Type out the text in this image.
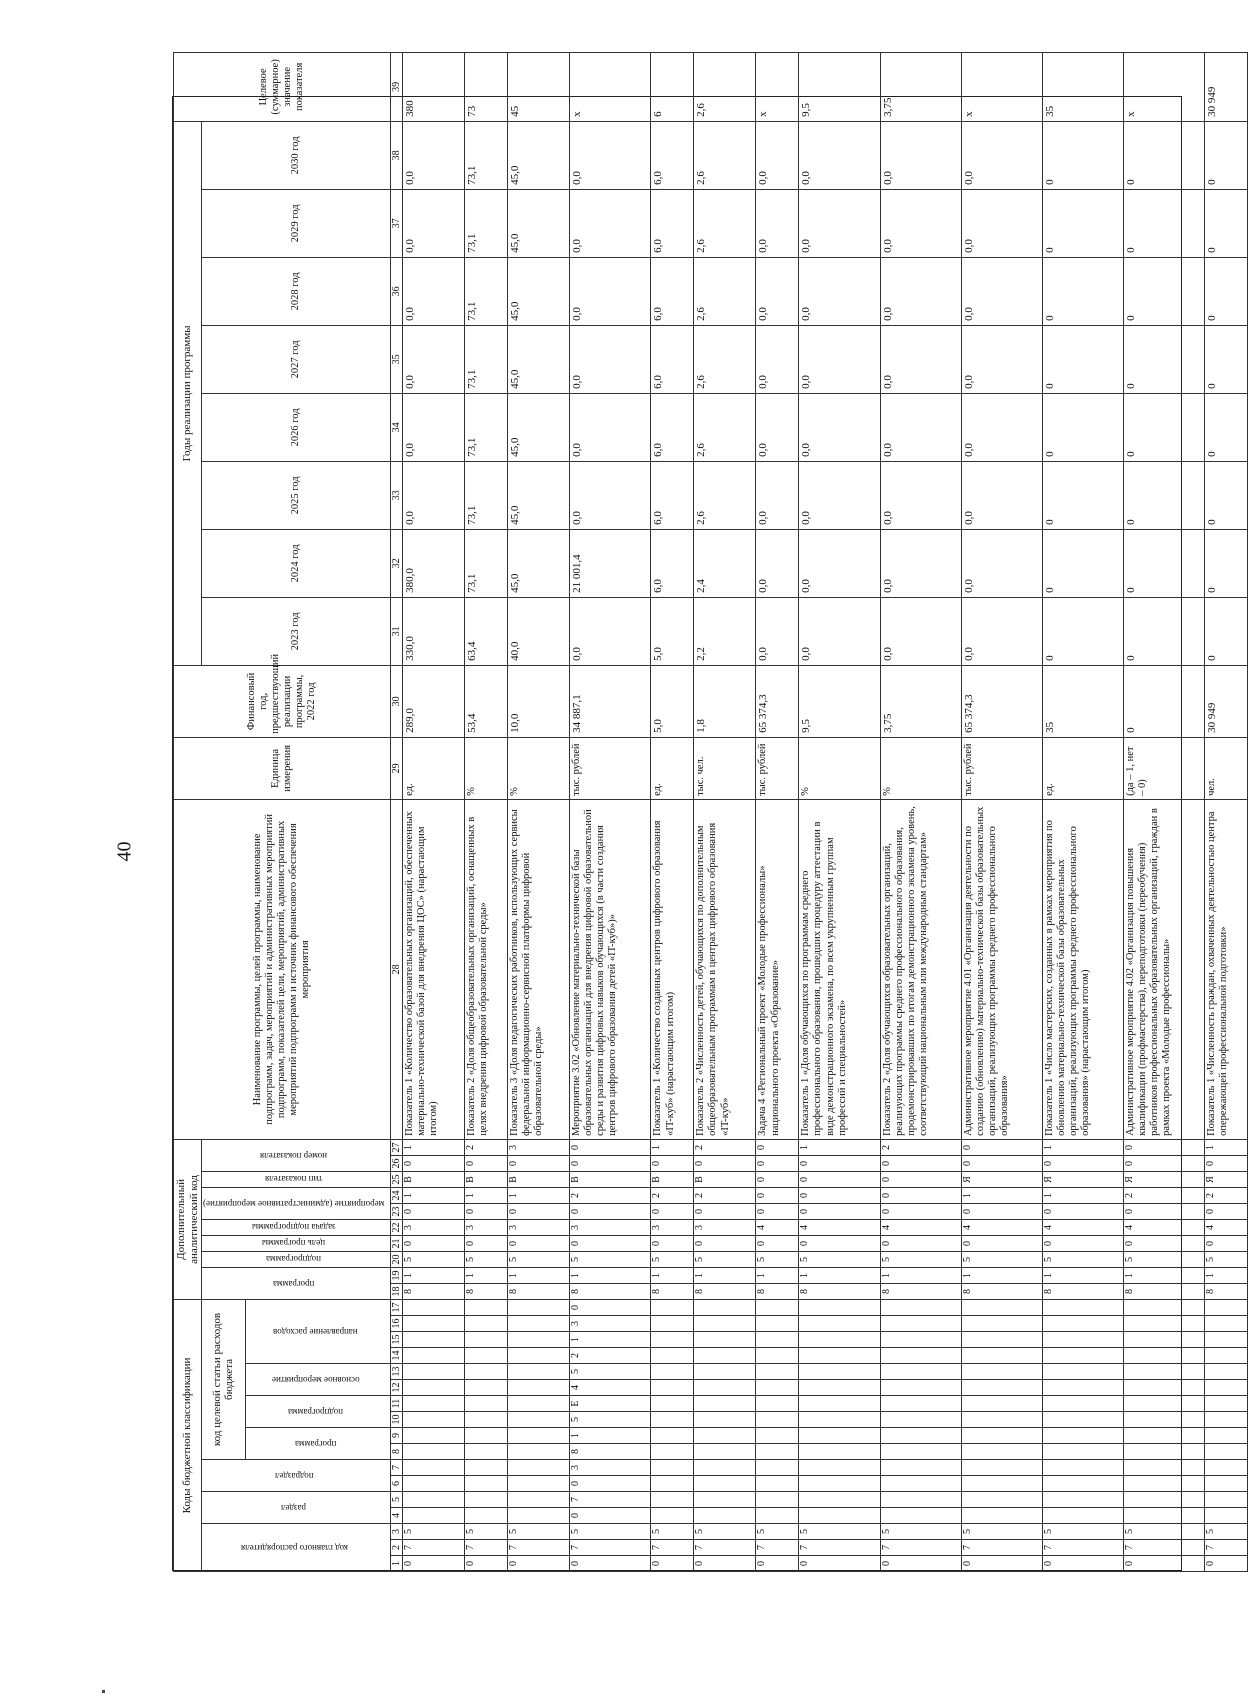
40
Коды бюджетной классификации																	Дополнительный аналитический код										Наименование программы, целей программы, наименование подпрограмм, задач, мероприятий и административных мероприятий подпрограмм, показателей цели, мероприятий, административных мероприятий подпрограмм и источник финансового обеспечения мероприятия	Единица измерения	Финансовый год, предшествующий реализации программы, 2022 год	Годы реализации программы								Целевое (суммарное) значение показателя
код главного распорядителя			раздел		подраздел		код целевой статьи расходов бюджета										программа		подпрограмма	цель программы	задача подпрограммы	мероприятие (административное мероприятие)		тип показателя	номер показателя					2023 год	2024 год	2025 год	2026 год	2027 год	2028 год	2029 год	2030 год	
							программа		подпрограмма		основное мероприятие		направление расходов																									
1	2	3	4	5	6	7	8	9	10	11	12	13	14	15	16	17	18	19	20	21	22	23	24	25	26	27	28	29	30	31	32	33	34	35	36	37	38	39
0	7	5															8	1	5	0	3	0	1	В	0	1	Показатель 1 «Количество образовательных организаций, обеспеченных материально-технической базой для внедрения ЦОС» (нарастающим итогом)	ед.	289,0	330,0	380,0	0,0	0,0	0,0	0,0	0,0	0,0	380
0	7	5															8	1	5	0	3	0	1	В	0	2	Показатель 2 «Доля общеобразовательных организаций, оснащенных в целях внедрения цифровой образовательной среды»	%	53,4	63,4	73,1	73,1	73,1	73,1	73,1	73,1	73,1	73
0	7	5															8	1	5	0	3	0	1	В	0	3	Показатель 3 «Доля педагогических работников, использующих сервисы федеральной информационно-сервисной платформы цифровой образовательной среды»	%	10,0	40,0	45,0	45,0	45,0	45,0	45,0	45,0	45,0	45
0	7	5	0	7	0	3	8	1	5	Е	4	5	2	1	3	0	8	1	5	0	3	0	2	В	0	0	Мероприятие 3.02 «Обновление материально-технической базы образовательных организаций для внедрения цифровой образовательной среды и развития цифровых навыков обучающихся (в части создания центров цифрового образования детей «IT-куб»)»	тыс. рублей	34 887,1	0,0	21 001,4	0,0	0,0	0,0	0,0	0,0	0,0	х
0	7	5															8	1	5	0	3	0	2	В	0	1	Показатель 1 «Количество созданных центров цифрового образования «IT-куб» (нарастающим итогом)	ед.	5,0	5,0	6,0	6,0	6,0	6,0	6,0	6,0	6,0	6
0	7	5															8	1	5	0	3	0	2	В	0	2	Показатель 2 «Численность детей, обучающихся по дополнительным общеобразовательным программам в центрах цифрового образования «IT-куб»	тыс. чел.	1,8	2,2	2,4	2,6	2,6	2,6	2,6	2,6	2,6	2,6
0	7	5															8	1	5	0	4	0	0	0	0	0	Задача 4 «Региональный проект «Молодые профессионалы» национального проекта «Образование»	тыс. рублей	65 374,3	0,0	0,0	0,0	0,0	0,0	0,0	0,0	0,0	х
0	7	5															8	1	5	0	4	0	0	0	0	1	Показатель 1 «Доля обучающихся по программам среднего профессионального образования, прошедших процедуру аттестации в виде демонстрационного экзамена, по всем укрупненным группам профессий и специальностей»	%	9,5	0,0	0,0	0,0	0,0	0,0	0,0	0,0	0,0	9,5
0	7	5															8	1	5	0	4	0	0	0	0	2	Показатель 2 «Доля обучающихся образовательных организаций, реализующих программы среднего профессионального образования, продемонстрировавших по итогам демонстрационного экзамена уровень, соответствующий национальным или международным стандартам»	%	3,75	0,0	0,0	0,0	0,0	0,0	0,0	0,0	0,0	3,75
0	7	5															8	1	5	0	4	0	1	Я	0	0	Административное мероприятие 4.01 «Организация деятельности по созданию (обновлению) материально-технической базы образовательных организаций, реализующих программы среднего профессионального образования»	тыс. рублей	65 374,3	0,0	0,0	0,0	0,0	0,0	0,0	0,0	0,0	х
0	7	5															8	1	5	0	4	0	1	Я	0	1	Показатель 1 «Число мастерских, созданных в рамках мероприятия по обновлению материально-технической базы образовательных организаций, реализующих программы среднего профессионального образования» (нарастающим итогом)	ед.	35	0	0	0	0	0	0	0	0	35
0	7	5															8	1	5	0	4	0	2	Я	0	0	Административное мероприятие 4.02 «Организация повышения квалификации (профмастерства), переподготовки (переобучения) работников профессиональных образовательных организаций, граждан в рамках проекта «Молодые профессионалы»	(да – 1, нет – 0)	0	0	0	0	0	0	0	0	0	х
0	7	5															8	1	5	0	4	0	2	Я	0	1	Показатель 1 «Численность граждан, охваченных деятельностью центра опережающей профессиональной подготовки»	чел.	30 949	0	0	0	0	0	0	0	0	30 949
